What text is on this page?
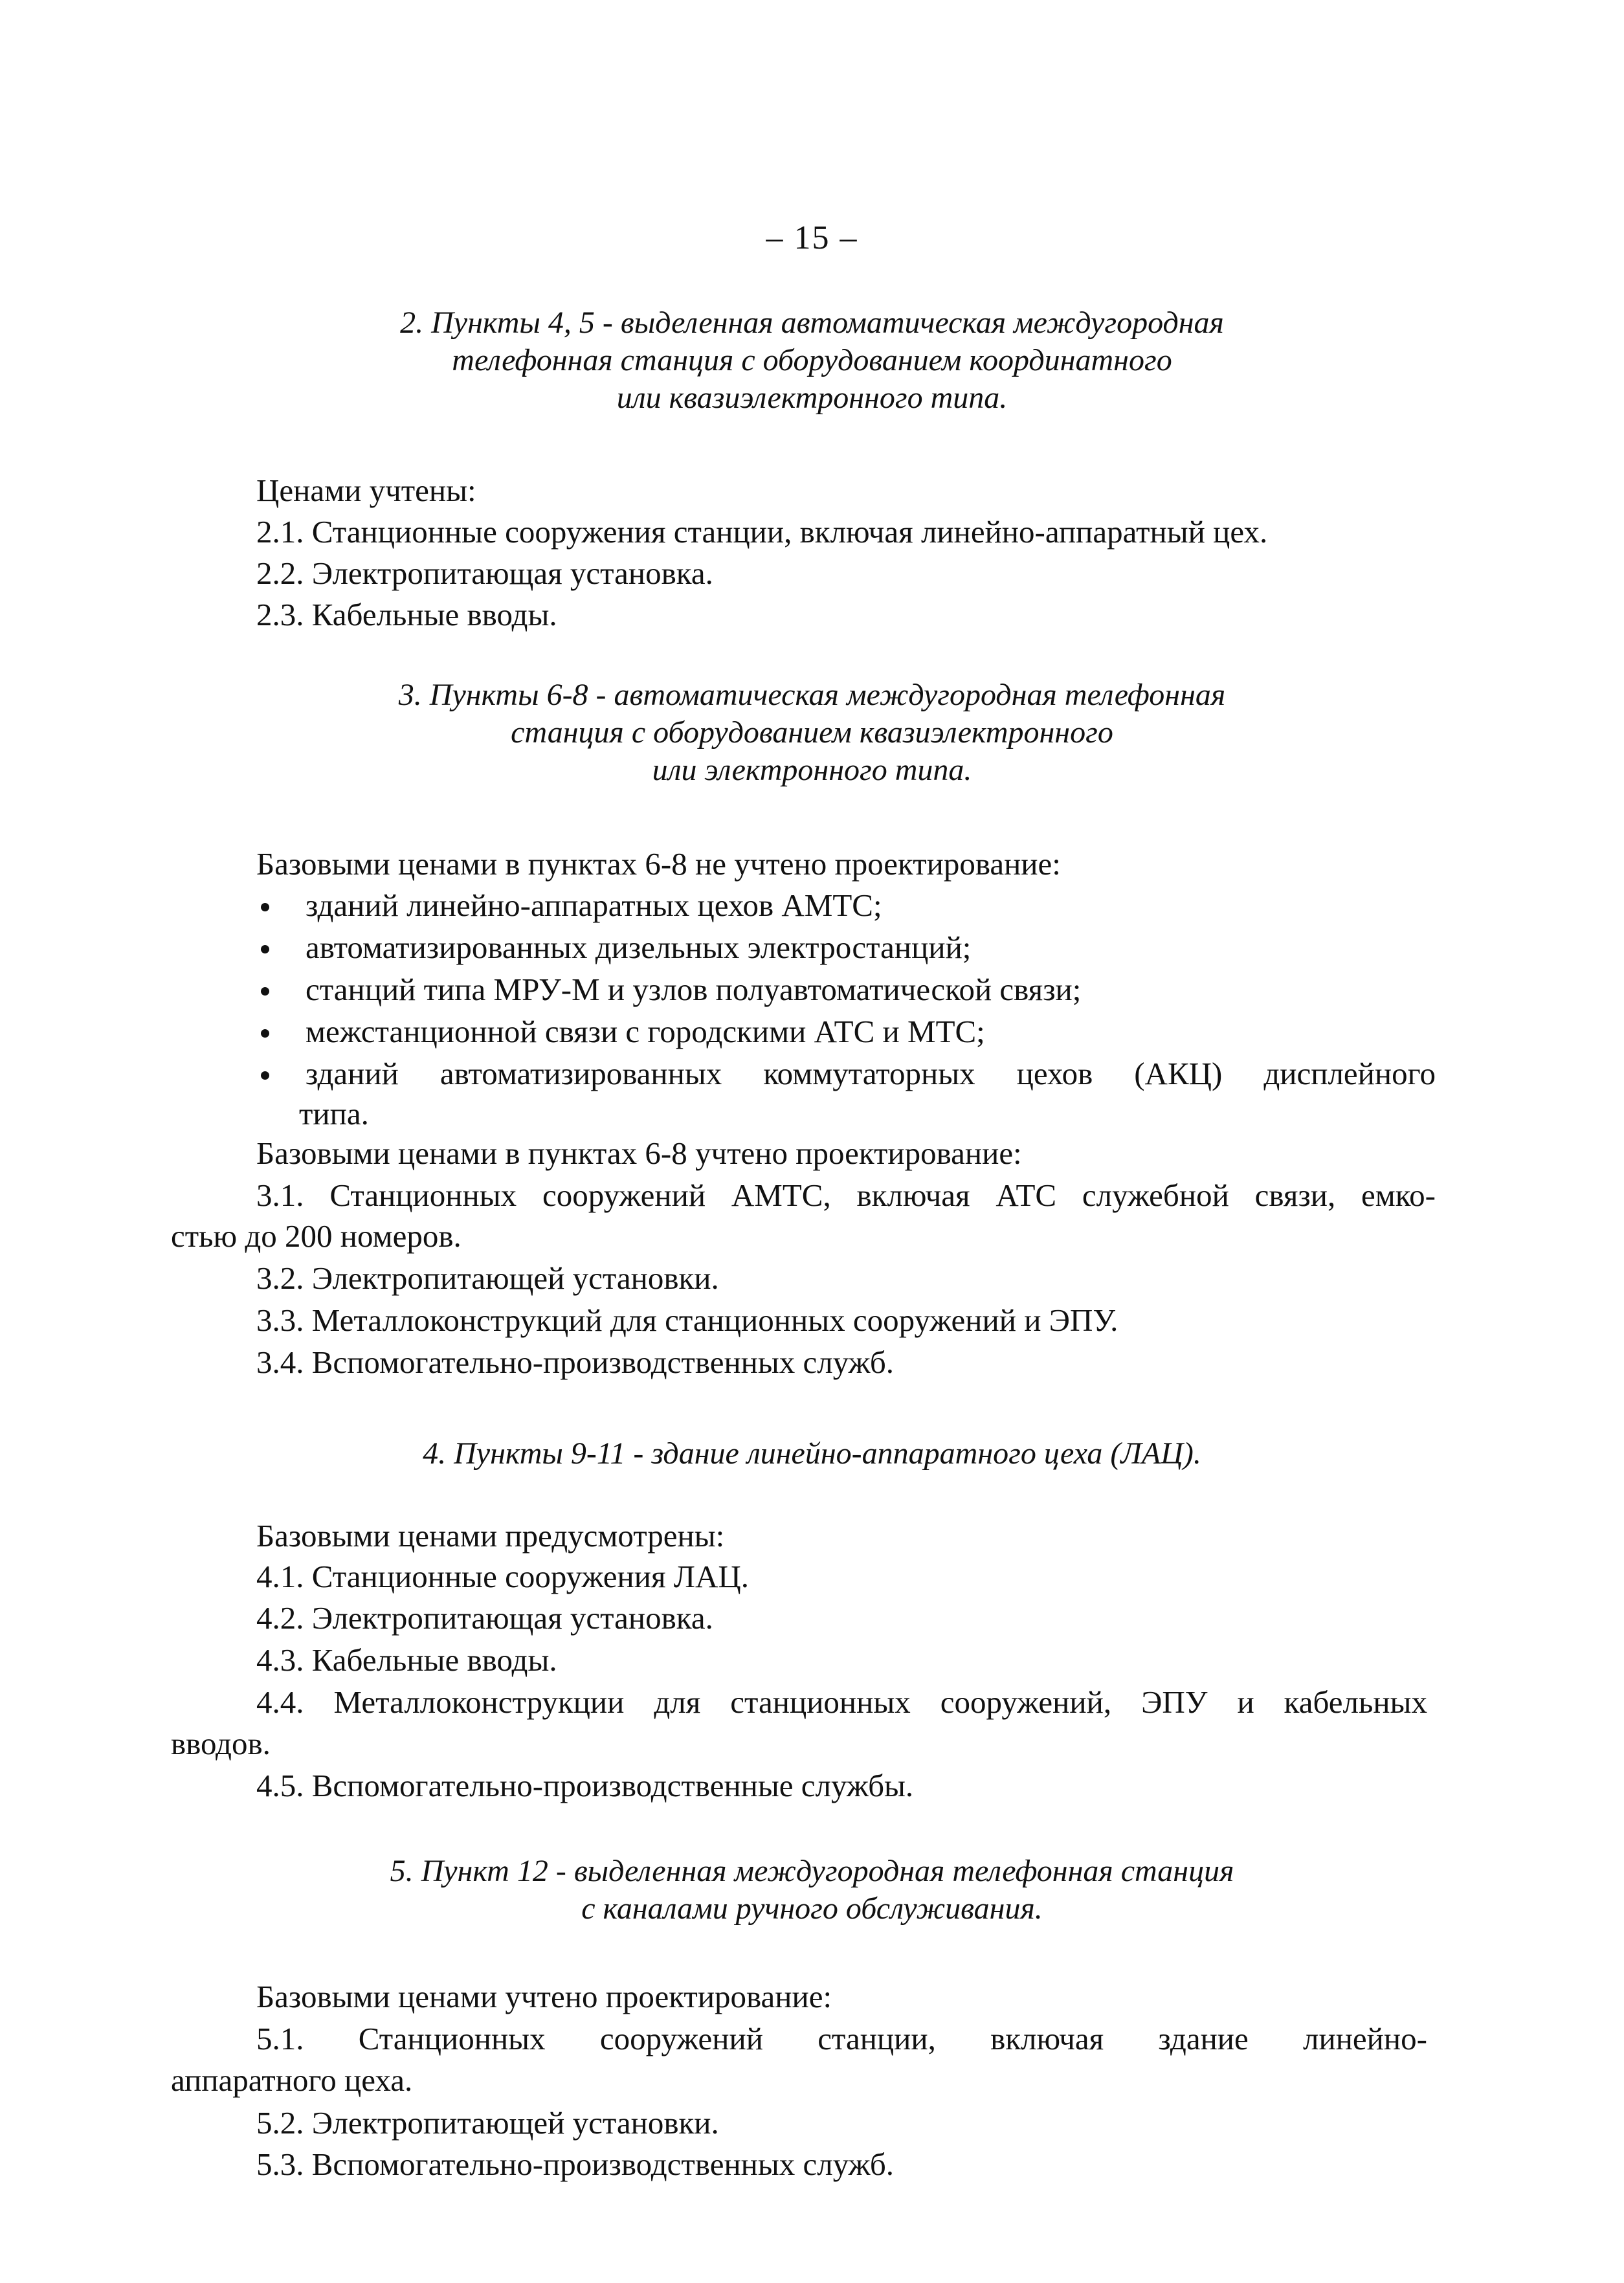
– 15 –
2. Пункты 4, 5 - выделенная автоматическая междугородная
телефонная станция с оборудованием координатного
или квазиэлектронного типа.
Ценами учтены:
2.1. Станционные сооружения станции, включая линейно-аппаратный цех.
2.2. Электропитающая установка.
2.3. Кабельные вводы.
3. Пункты 6-8 - автоматическая междугородная телефонная
станция с оборудованием квазиэлектронного
или электронного типа.
Базовыми ценами в пунктах 6-8 не учтено проектирование:
зданий линейно-аппаратных цехов АМТС;
автоматизированных дизельных электростанций;
станций типа МРУ-М и узлов полуавтоматической связи;
межстанционной связи с городскими АТС и МТС;
зданий автоматизированных коммутаторных цехов (АКЦ) дисплейного
типа.
Базовыми ценами в пунктах 6-8 учтено проектирование:
3.1. Станционных сооружений АМТС, включая АТС служебной связи, емко-
стью до 200 номеров.
3.2. Электропитающей установки.
3.3. Металлоконструкций для станционных сооружений и ЭПУ.
3.4. Вспомогательно-производственных служб.
4. Пункты 9-11 - здание линейно-аппаратного цеха (ЛАЦ).
Базовыми ценами предусмотрены:
4.1. Станционные сооружения ЛАЦ.
4.2. Электропитающая установка.
4.3. Кабельные вводы.
4.4. Металлоконструкции для станционных сооружений, ЭПУ и кабельных
вводов.
4.5. Вспомогательно-производственные службы.
5. Пункт 12 - выделенная междугородная телефонная станция
с каналами ручного обслуживания.
Базовыми ценами учтено проектирование:
5.1. Станционных сооружений станции, включая здание линейно-
аппаратного цеха.
5.2. Электропитающей установки.
5.3. Вспомогательно-производственных служб.
